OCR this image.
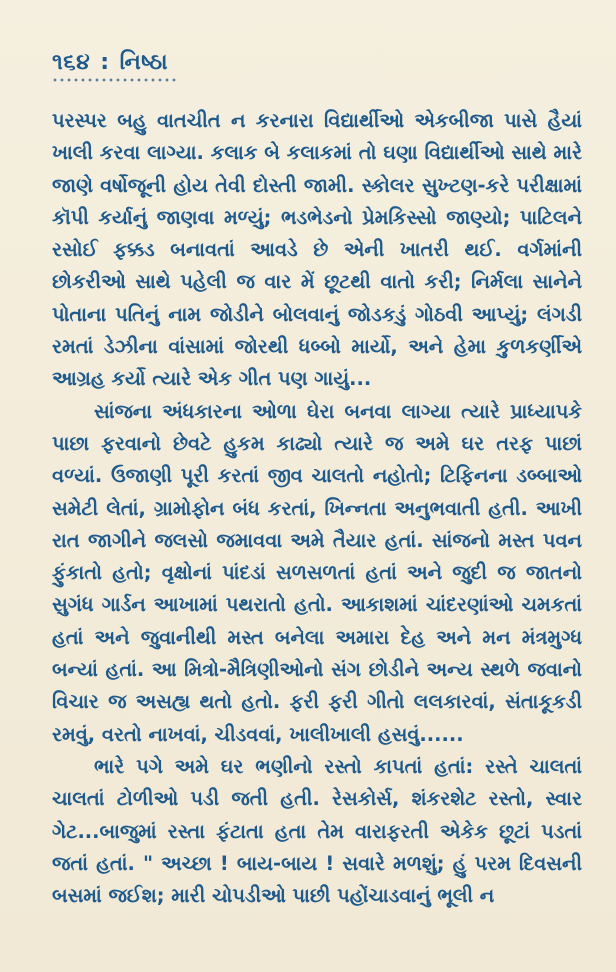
૧૬૪ : નિષ્ઠા

પરસ્પર બહુ વાતચીત ન કરનારા વિદ્યાર્થીઓ એકબીજા પાસે હૈયાં ખાલી કરવા લાગ્યા. કલાક બે કલાકમાં તો ઘણા વિદ્યાર્થીઓ સાથે મારે જાણે વર્ષોજૂની હોય તેવી દોસ્તી જામી. સ્કોલર સુખ્ટણ-કરે પરીક્ષામાં કૉપી કર્યાનું જાણવા મળ્યું; ભડભેડનો પ્રેમકિસ્સો જાણ્યો; પાટિલને રસોઈ ફક્કડ બનાવતાં આવડે છે એની ખાતરી થઈ. વર્ગમાંની છોકરીઓ સાથે પહેલી જ વાર મેં છૂટથી વાતો કરી; નિર્મલા સાનેને પોતાના પતિનું નામ જોડીને બોલવાનું જોડકડું ગોઠવી આપ્યું; લંગડી રમતાં ડેઝીના વાંસામાં જોરથી ધબ્બો માર્યો, અને હેમા કુળકર્ણીએ આગ્રહ કર્યો ત્યારે એક ગીત પણ ગાયું...

સાંજના અંધકારના ઓળા ઘેરા બનવા લાગ્યા ત્યારે પ્રાધ્યાપકે પાછા ફરવાનો છેવટે હુકમ કાઢ્યો ત્યારે જ અમે ઘર તરફ પાછાં વળ્યાં. ઉજાણી પૂરી કરતાં જીવ ચાલતો નહોતો; ટિફિનના ડબ્બાઓ સમેટી લેતાં, ગ્રામોફોન બંધ કરતાં, ખિન્નતા અનુભવાતી હતી. આખી રાત જાગીને જલસો જમાવવા અમે તૈયાર હતાં. સાંજનો મસ્ત પવન ફુંકાતો હતો; વૃક્ષોનાં પાંદડાં સળસળતાં હતાં અને જુદી જ જાતનો સુગંધ ગાર્ડન આખામાં પથરાતો હતો. આકાશમાં ચાંદરણાંઓ ચમકતાં હતાં અને જુવાનીથી મસ્ત બનેલા અમારા દેહ અને મન મંત્રમુગ્ધ બન્યાં હતાં. આ મિત્રો-મૈત્રિણીઓનો સંગ છોડીને અન્ય સ્થળે જવાનો વિચાર જ અસહ્ય થતો હતો. ફરી ફરી ગીતો લલકારવાં, સંતાકૂકડી રમવું, વરતો નાખવાં, ચીડવવાં, ખાલીખાલી હસવું......

ભારે પગે અમે ઘર ભણીનો રસ્તો કાપતાં હતાં: રસ્તે ચાલતાં ચાલતાં ટોળીઓ પડી જતી હતી. રેસકોર્સ, શંકરશેટ રસ્તો, સ્વાર ગેટ...બાજુમાં રસ્તા ફંટાતા હતા તેમ વારાફરતી એકેક છૂટાં પડતાં જતાં હતાં. " અચ્છા ! બાય-બાય ! સવારે મળશું; હું પરમ દિવસની બસમાં જઈશ; મારી ચોપડીઓ પાછી પહોંચાડવાનું ભૂલી ન
